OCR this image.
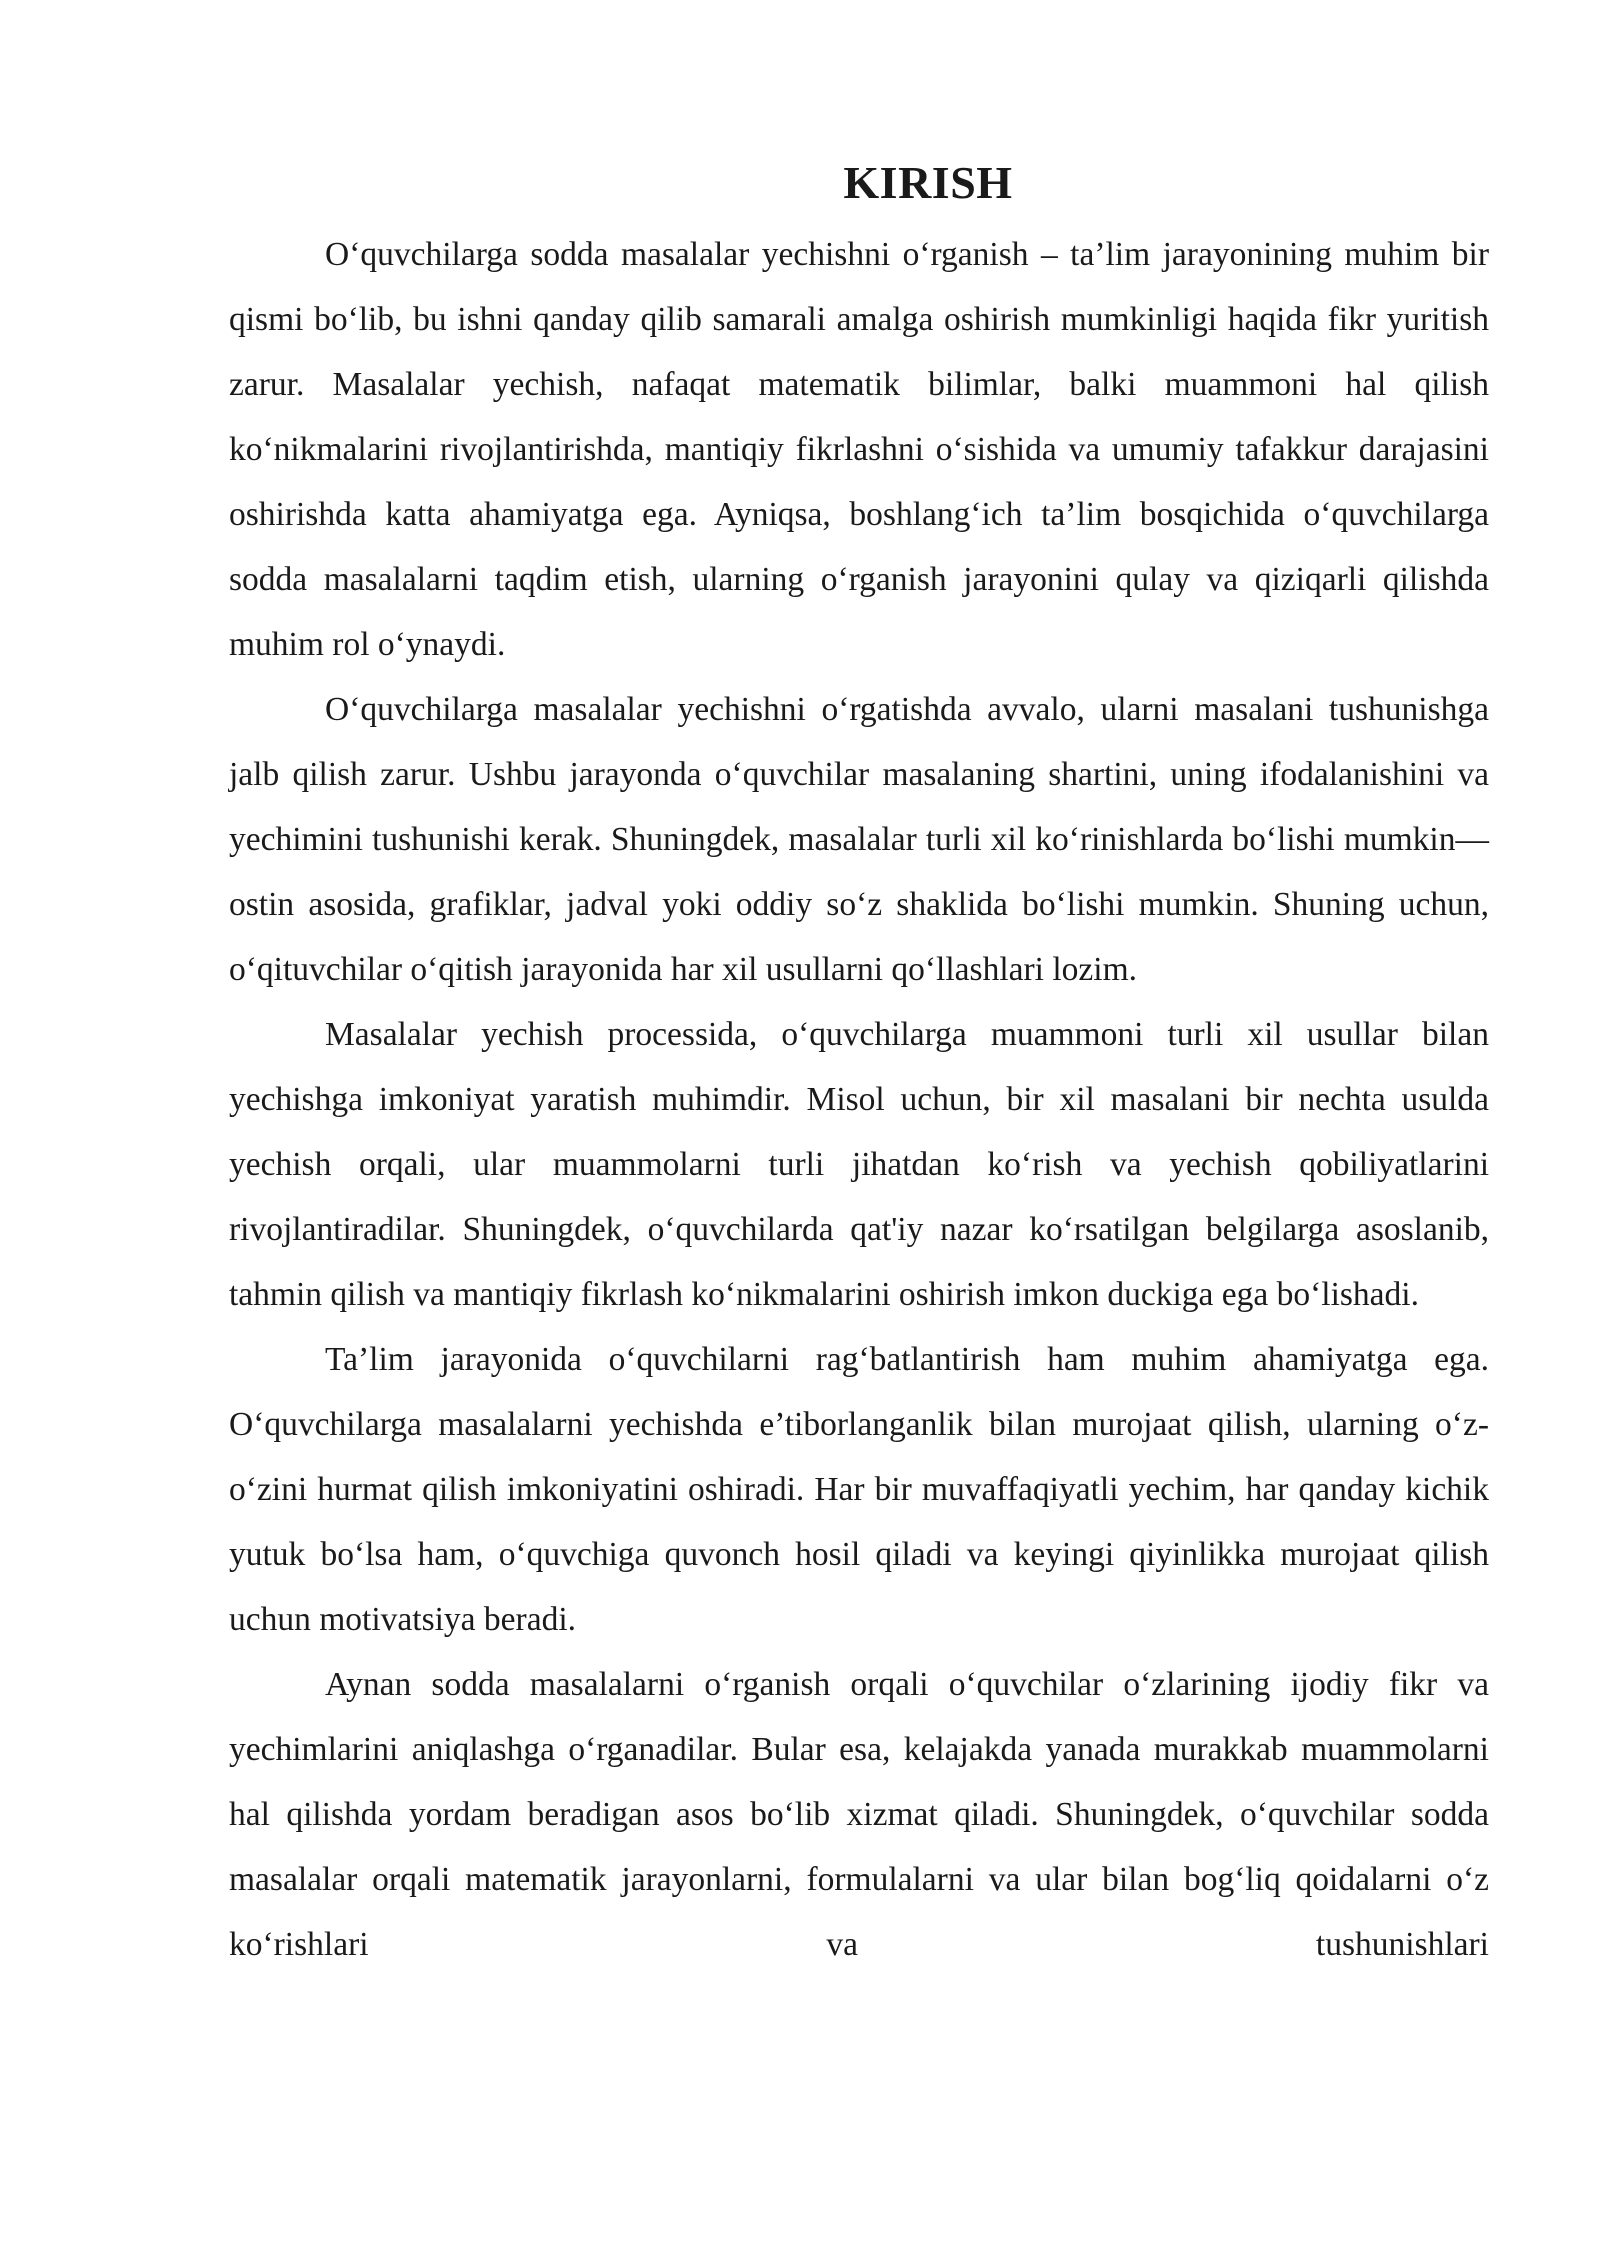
KIRISH

O‘quvchilarga sodda masalalar yechishni o‘rganish – ta’lim jarayonining muhim bir qismi bo‘lib, bu ishni qanday qilib samarali amalga oshirish mumkinligi haqida fikr yuritish zarur. Masalalar yechish, nafaqat matematik bilimlar, balki muammoni hal qilish ko‘nikmalarini rivojlantirishda, mantiqiy fikrlashni o‘sishida va umumiy tafakkur darajasini oshirishda katta ahamiyatga ega. Ayniqsa, boshlang‘ich ta’lim bosqichida o‘quvchilarga sodda masalalarni taqdim etish, ularning o‘rganish jarayonini qulay va qiziqarli qilishda muhim rol o‘ynaydi.

O‘quvchilarga masalalar yechishni o‘rgatishda avvalo, ularni masalani tushunishga jalb qilish zarur. Ushbu jarayonda o‘quvchilar masalaning shartini, uning ifodalanishini va yechimini tushunishi kerak. Shuningdek, masalalar turli xil ko‘rinishlarda bo‘lishi mumkin—ostin asosida, grafiklar, jadval yoki oddiy so‘z shaklida bo‘lishi mumkin. Shuning uchun, o‘qituvchilar o‘qitish jarayonida har xil usullarni qo‘llashlari lozim.

Masalalar yechish processida, o‘quvchilarga muammoni turli xil usullar bilan yechishga imkoniyat yaratish muhimdir. Misol uchun, bir xil masalani bir nechta usulda yechish orqali, ular muammolarni turli jihatdan ko‘rish va yechish qobiliyatlarini rivojlantiradilar. Shuningdek, o‘quvchilarda qat'iy nazar ko‘rsatilgan belgilarga asoslanib, tahmin qilish va mantiqiy fikrlash ko‘nikmalarini oshirish imkon duckiga ega bo‘lishadi.

Ta’lim jarayonida o‘quvchilarni rag‘batlantirish ham muhim ahamiyatga ega. O‘quvchilarga masalalarni yechishda e’tiborlanganlik bilan murojaat qilish, ularning o‘z-o‘zini hurmat qilish imkoniyatini oshiradi. Har bir muvaffaqiyatli yechim, har qanday kichik yutuk bo‘lsa ham, o‘quvchiga quvonch hosil qiladi va keyingi qiyinlikka murojaat qilish uchun motivatsiya beradi.

Aynan sodda masalalarni o‘rganish orqali o‘quvchilar o‘zlarining ijodiy fikr va yechimlarini aniqlashga o‘rganadilar. Bular esa, kelajakda yanada murakkab muammolarni hal qilishda yordam beradigan asos bo‘lib xizmat qiladi. Shuningdek, o‘quvchilar sodda masalalar orqali matematik jarayonlarni, formulalarni va ular bilan bog‘liq qoidalarni o‘z ko‘rishlari va tushunishlari
